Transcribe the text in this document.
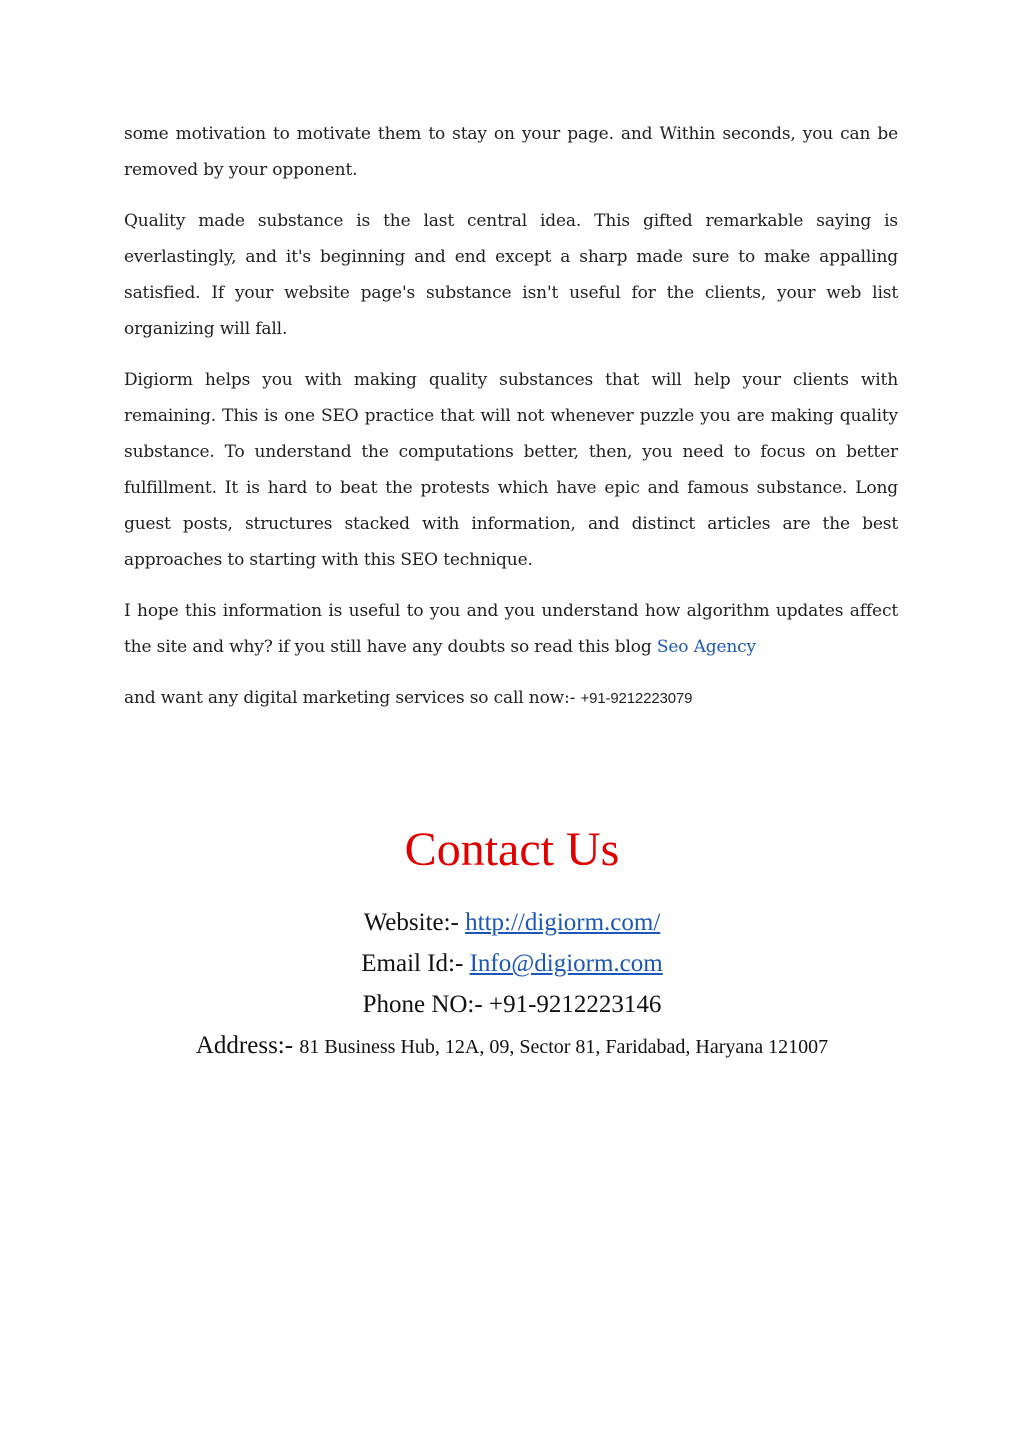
some motivation to motivate them to stay on your page. and Within seconds, you can be removed by your opponent.

Quality made substance is the last central idea. This gifted remarkable saying is everlastingly, and it's beginning and end except a sharp made sure to make appalling satisfied. If your website page's substance isn't useful for the clients, your web list organizing will fall.

Digiorm helps you with making quality substances that will help your clients with remaining. This is one SEO practice that will not whenever puzzle you are making quality substance. To understand the computations better, then, you need to focus on better fulfillment. It is hard to beat the protests which have epic and famous substance. Long guest posts, structures stacked with information, and distinct articles are the best approaches to starting with this SEO technique.

I hope this information is useful to you and you understand how algorithm updates affect the site and why? if you still have any doubts so read this blog Seo Agency

and want any digital marketing services so call now:- +91-9212223079

Contact Us

Website:- http://digiorm.com/

Email Id:- Info@digiorm.com

Phone NO:- +91-9212223146

Address:- 81 Business Hub, 12A, 09, Sector 81, Faridabad, Haryana 121007
